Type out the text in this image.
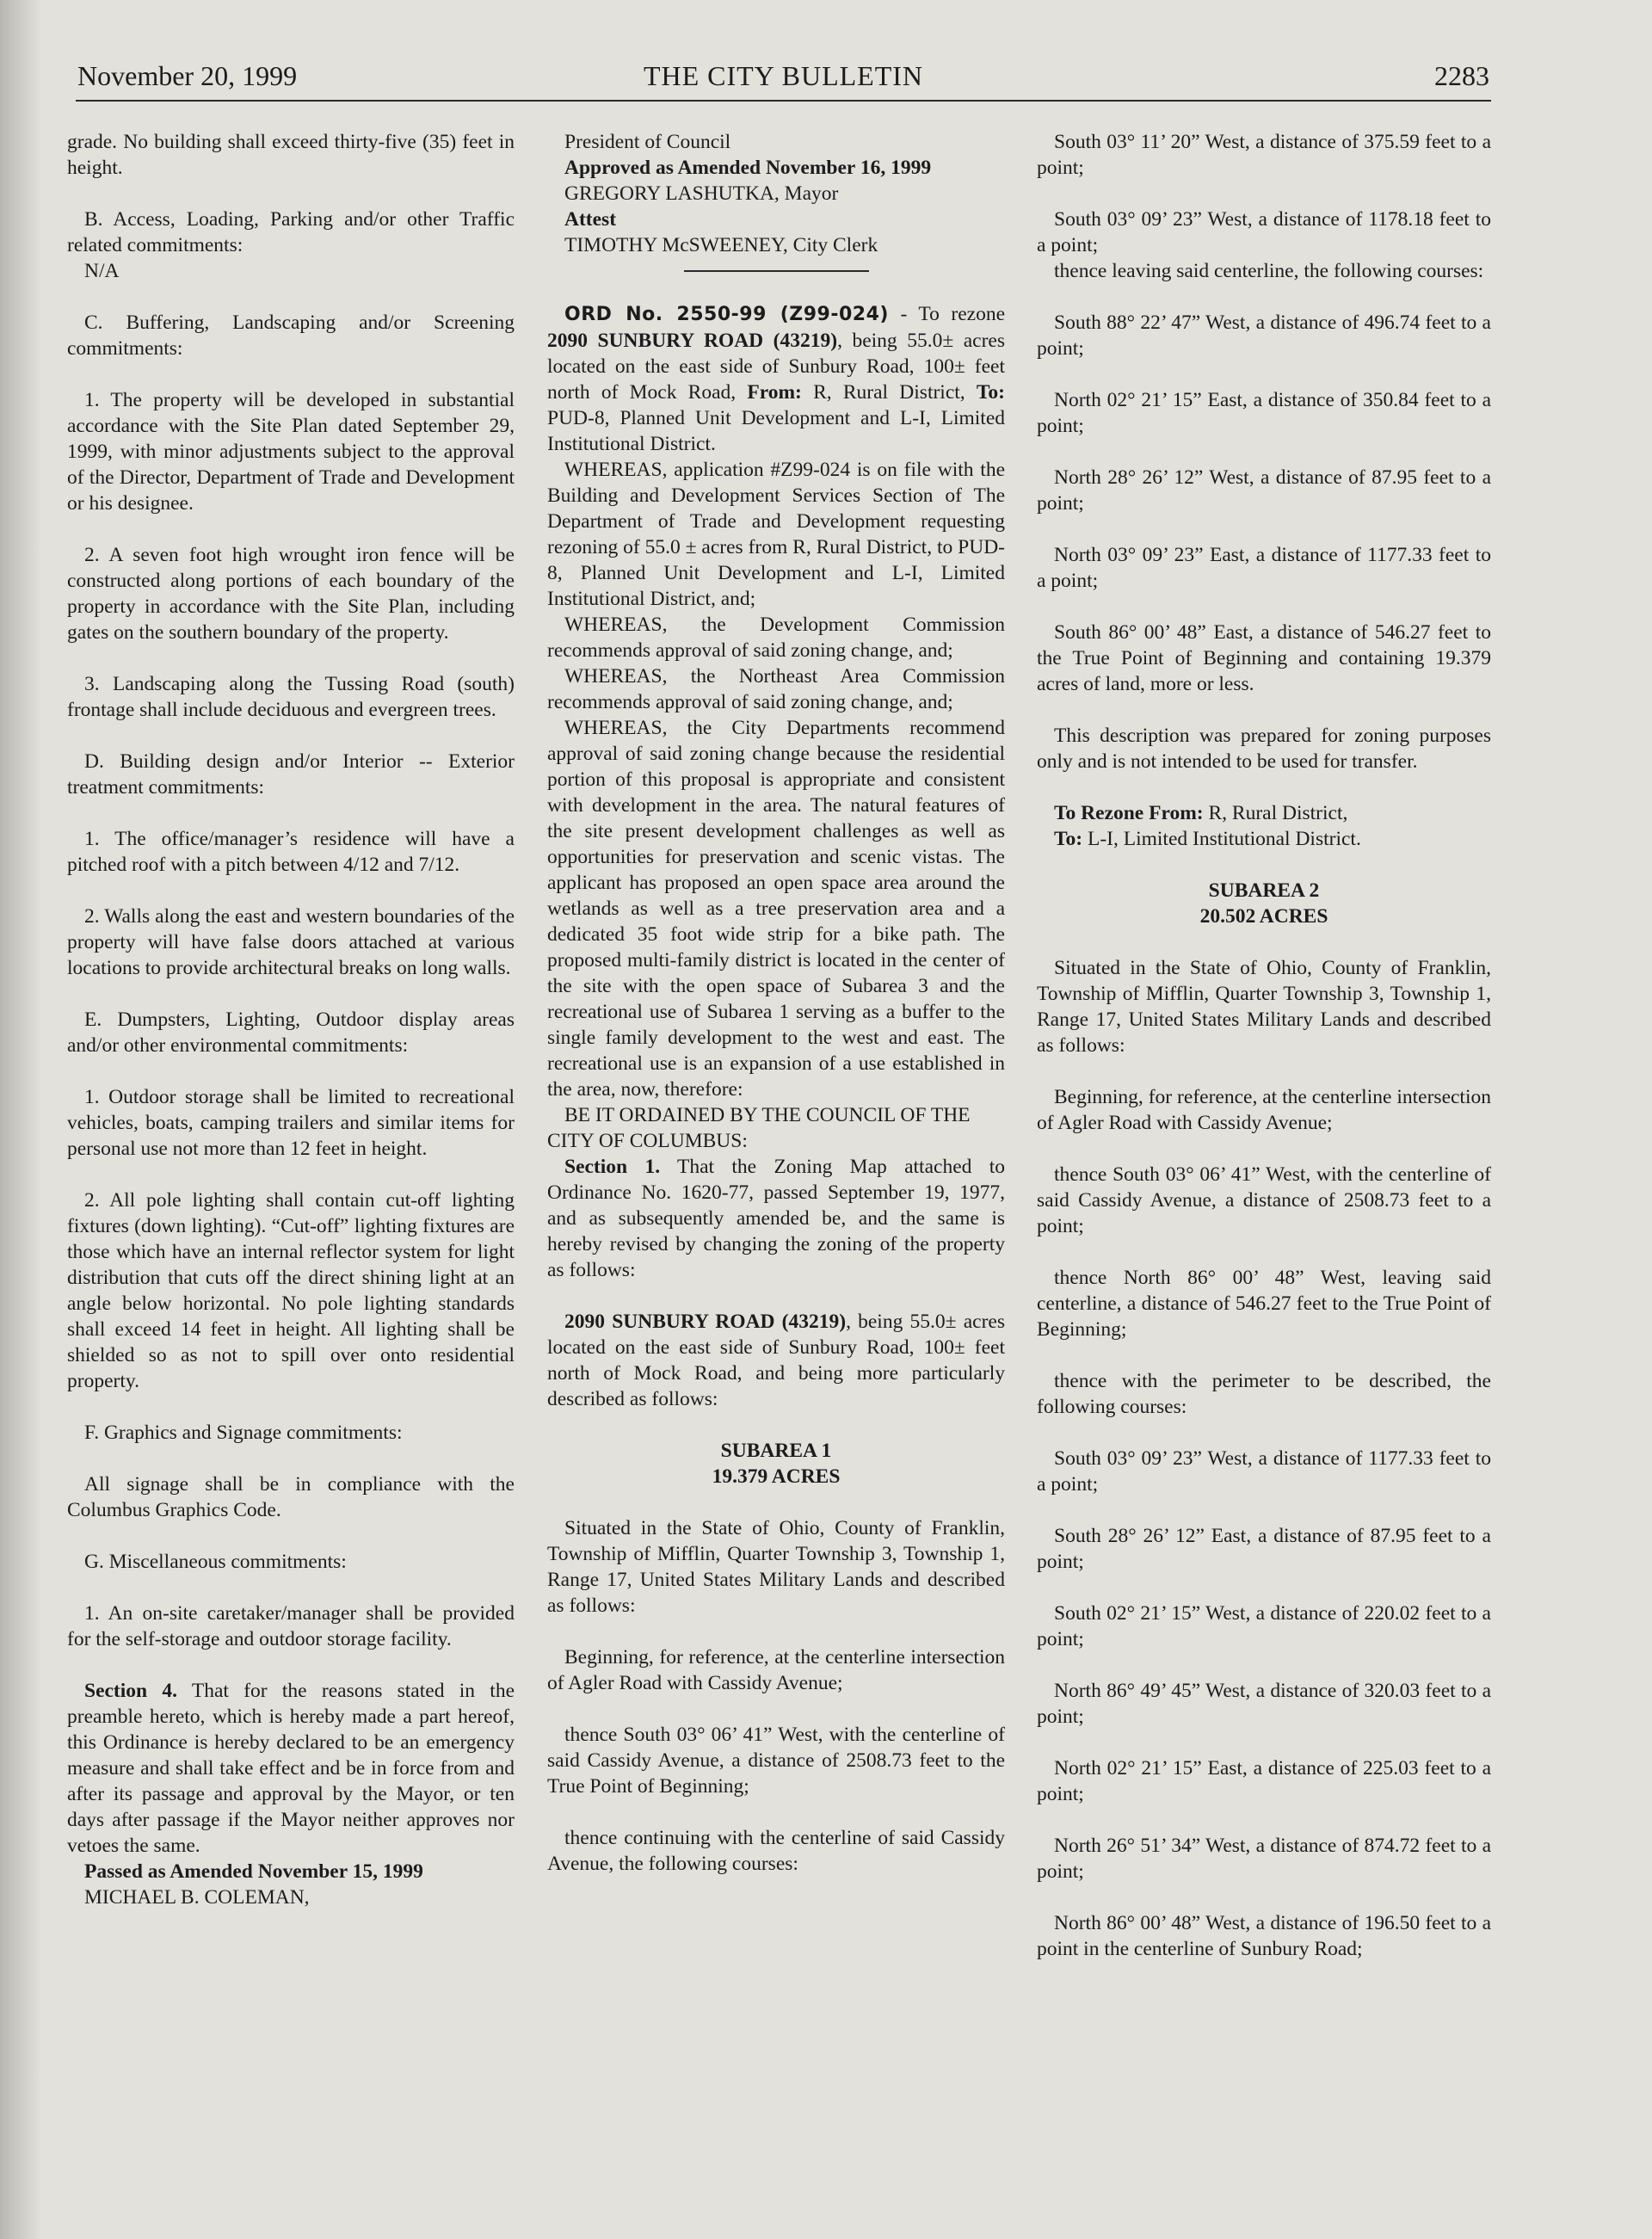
November 20, 1999	THE CITY BULLETIN	2283

grade. No building shall exceed thirty-five (35) feet in height.

B. Access, Loading, Parking and/or other Traffic related commitments:

N/A

C. Buffering, Landscaping and/or Screening commitments:

1. The property will be developed in substantial accordance with the Site Plan dated September 29, 1999, with minor adjustments subject to the approval of the Director, Department of Trade and Development or his designee.

2. A seven foot high wrought iron fence will be constructed along portions of each boundary of the property in accordance with the Site Plan, including gates on the southern boundary of the property.

3. Landscaping along the Tussing Road (south) frontage shall include deciduous and evergreen trees.

D. Building design and/or Interior -- Exterior treatment commitments:

1. The office/manager’s residence will have a pitched roof with a pitch between 4/12 and 7/12.

2. Walls along the east and western boundaries of the property will have false doors attached at various locations to provide architectural breaks on long walls.

E. Dumpsters, Lighting, Outdoor display areas and/or other environmental commitments:

1. Outdoor storage shall be limited to recreational vehicles, boats, camping trailers and similar items for personal use not more than 12 feet in height.

2. All pole lighting shall contain cut-off lighting fixtures (down lighting). “Cut-off” lighting fixtures are those which have an internal reflector system for light distribution that cuts off the direct shining light at an angle below horizontal. No pole lighting standards shall exceed 14 feet in height. All lighting shall be shielded so as not to spill over onto residential property.

F. Graphics and Signage commitments:

All signage shall be in compliance with the Columbus Graphics Code.

G. Miscellaneous commitments:

1. An on-site caretaker/manager shall be provided for the self-storage and outdoor storage facility.

Section 4. That for the reasons stated in the preamble hereto, which is hereby made a part hereof, this Ordinance is hereby declared to be an emergency measure and shall take effect and be in force from and after its passage and approval by the Mayor, or ten days after passage if the Mayor neither approves nor vetoes the same.

Passed as Amended November 15, 1999

MICHAEL B. COLEMAN,

President of Council

Approved as Amended November 16, 1999

GREGORY LASHUTKA, Mayor

Attest

TIMOTHY McSWEENEY, City Clerk

ORD No. 2550-99 (Z99-024) - To rezone 2090 SUNBURY ROAD (43219), being 55.0± acres located on the east side of Sunbury Road, 100± feet north of Mock Road, From: R, Rural District, To: PUD-8, Planned Unit Development and L-I, Limited Institutional District.

WHEREAS, application #Z99-024 is on file with the Building and Development Services Section of The Department of Trade and Development requesting rezoning of 55.0 ± acres from R, Rural District, to PUD-8, Planned Unit Development and L-I, Limited Institutional District, and;

WHEREAS, the Development Commission recommends approval of said zoning change, and;

WHEREAS, the Northeast Area Commission recommends approval of said zoning change, and;

WHEREAS, the City Departments recommend approval of said zoning change because the residential portion of this proposal is appropriate and consistent with development in the area. The natural features of the site present development challenges as well as opportunities for preservation and scenic vistas. The applicant has proposed an open space area around the wetlands as well as a tree preservation area and a dedicated 35 foot wide strip for a bike path. The proposed multi-family district is located in the center of the site with the open space of Subarea 3 and the recreational use of Subarea 1 serving as a buffer to the single family development to the west and east. The recreational use is an expansion of a use established in the area, now, therefore:

BE IT ORDAINED BY THE COUNCIL OF THE CITY OF COLUMBUS:

Section 1. That the Zoning Map attached to Ordinance No. 1620-77, passed September 19, 1977, and as subsequently amended be, and the same is hereby revised by changing the zoning of the property as follows:

2090 SUNBURY ROAD (43219), being 55.0± acres located on the east side of Sunbury Road, 100± feet north of Mock Road, and being more particularly described as follows:

SUBAREA 1

19.379 ACRES

Situated in the State of Ohio, County of Franklin, Township of Mifflin, Quarter Township 3, Township 1, Range 17, United States Military Lands and described as follows:

Beginning, for reference, at the centerline intersection of Agler Road with Cassidy Avenue;

thence South 03° 06’ 41” West, with the centerline of said Cassidy Avenue, a distance of 2508.73 feet to the True Point of Beginning;

thence continuing with the centerline of said Cassidy Avenue, the following courses:

South 03° 11’ 20” West, a distance of 375.59 feet to a point;

South 03° 09’ 23” West, a distance of 1178.18 feet to a point;

thence leaving said centerline, the following courses:

South 88° 22’ 47” West, a distance of 496.74 feet to a point;

North 02° 21’ 15” East, a distance of 350.84 feet to a point;

North 28° 26’ 12” West, a distance of 87.95 feet to a point;

North 03° 09’ 23” East, a distance of 1177.33 feet to a point;

South 86° 00’ 48” East, a distance of 546.27 feet to the True Point of Beginning and containing 19.379 acres of land, more or less.

This description was prepared for zoning purposes only and is not intended to be used for transfer.

To Rezone From: R, Rural District,

To: L-I, Limited Institutional District.

SUBAREA 2

20.502 ACRES

Situated in the State of Ohio, County of Franklin, Township of Mifflin, Quarter Township 3, Township 1, Range 17, United States Military Lands and described as follows:

Beginning, for reference, at the centerline intersection of Agler Road with Cassidy Avenue;

thence South 03° 06’ 41” West, with the centerline of said Cassidy Avenue, a distance of 2508.73 feet to a point;

thence North 86° 00’ 48” West, leaving said centerline, a distance of 546.27 feet to the True Point of Beginning;

thence with the perimeter to be described, the following courses:

South 03° 09’ 23” West, a distance of 1177.33 feet to a point;

South 28° 26’ 12” East, a distance of 87.95 feet to a point;

South 02° 21’ 15” West, a distance of 220.02 feet to a point;

North 86° 49’ 45” West, a distance of 320.03 feet to a point;

North 02° 21’ 15” East, a distance of 225.03 feet to a point;

North 26° 51’ 34” West, a distance of 874.72 feet to a point;

North 86° 00’ 48” West, a distance of 196.50 feet to a point in the centerline of Sunbury Road;
